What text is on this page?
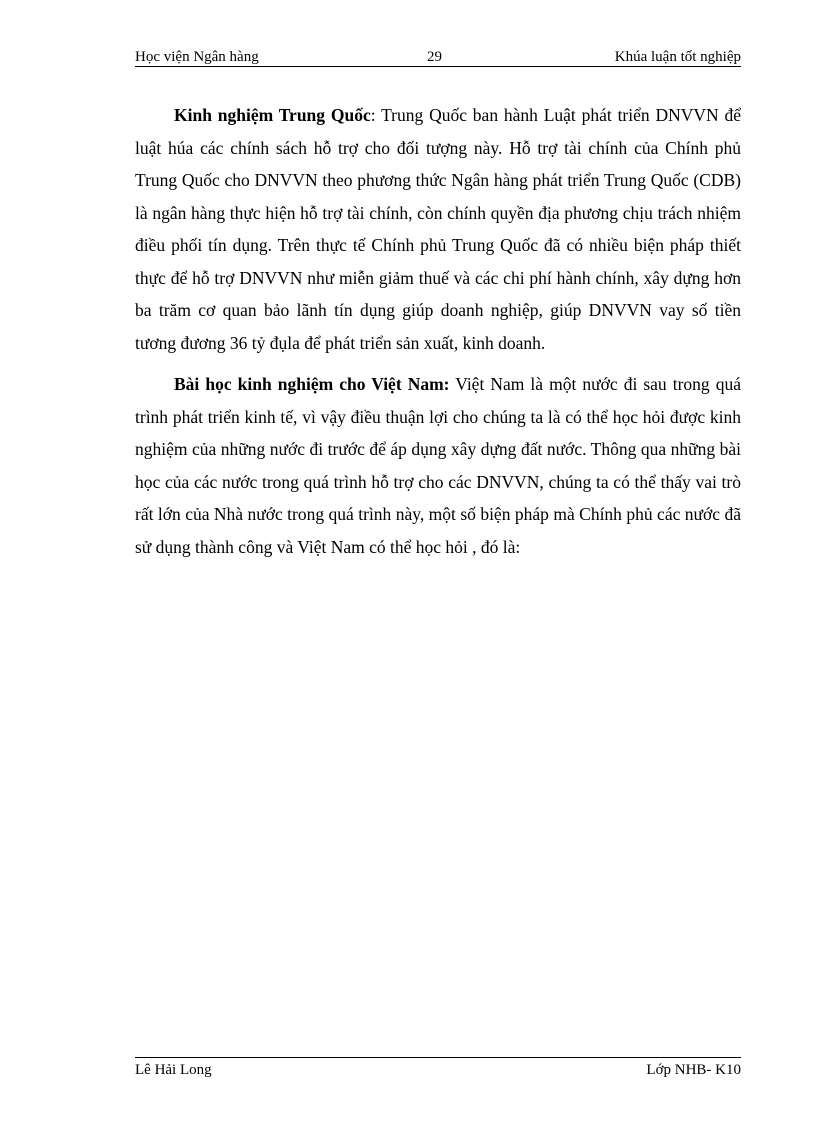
Học viện Ngân hàng	29	Khúa luận tốt nghiệp

Kinh nghiệm Trung Quốc: Trung Quốc ban hành Luật phát triển DNVVN để luật húa các chính sách hỗ trợ cho đối tượng này. Hỗ trợ tài chính của Chính phủ Trung Quốc cho DNVVN theo phương thức Ngân hàng phát triển Trung Quốc (CDB) là ngân hàng thực hiện hỗ trợ tài chính, còn chính quyền địa phương chịu trách nhiệm điều phối tín dụng. Trên thực tế Chính phủ Trung Quốc đã có nhiều biện pháp thiết thực để hỗ trợ DNVVN như miễn giảm thuế và các chi phí hành chính, xây dựng hơn ba trăm cơ quan bảo lãnh tín dụng giúp doanh nghiệp, giúp DNVVN vay số tiền tương đương 36 tỷ đụla để phát triển sản xuất, kinh doanh.

Bài học kinh nghiệm cho Việt Nam: Việt Nam là một nước đi sau trong quá trình phát triển kinh tế, vì vậy điều thuận lợi cho chúng ta là có thể học hỏi được kinh nghiệm của những nước đi trước để áp dụng xây dựng đất nước. Thông qua những bài học của các nước trong quá trình hỗ trợ cho các DNVVN, chúng ta có thể thấy vai trò rất lớn của Nhà nước trong quá trình này, một số biện pháp mà Chính phủ các nước đã sử dụng thành công và Việt Nam có thể học hỏi , đó là:

Lê Hải Long	Lớp NHB- K10
